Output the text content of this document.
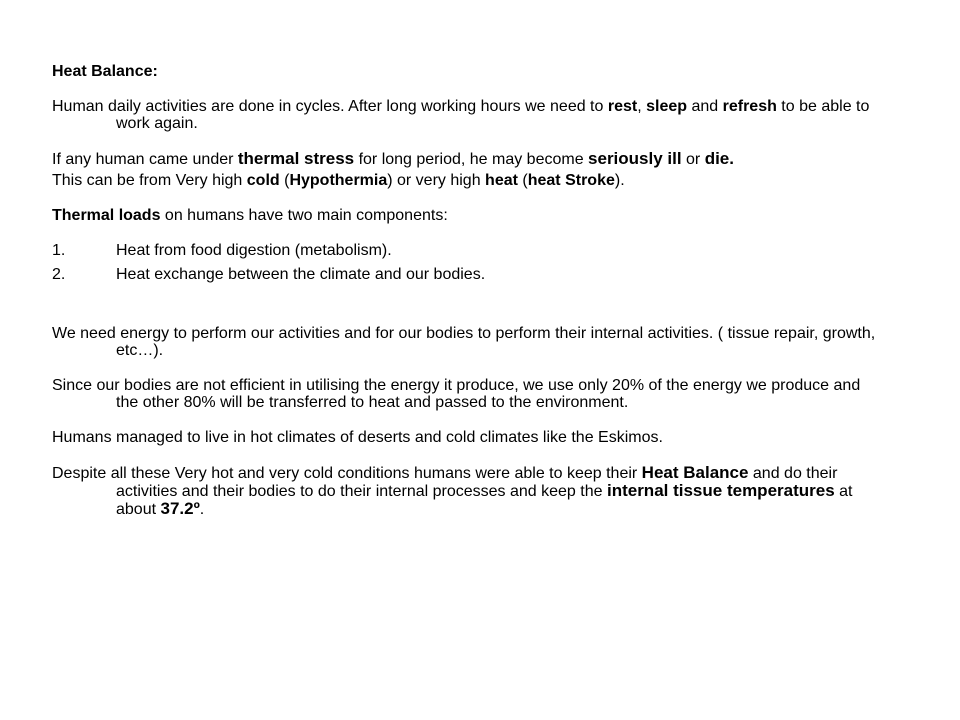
Heat Balance:

Human daily activities are done in cycles. After long working hours we need to rest, sleep and refresh to be able to work again.

If any human came under thermal stress for long period, he may become seriously ill or die.

This can be from Very high cold (Hypothermia) or very high heat (heat Stroke).

Thermal loads on humans have two main components:

1.	Heat from food digestion (metabolism).
2.	Heat exchange between the climate and our bodies.

We need energy to perform our activities and for our bodies to perform their internal activities. ( tissue repair, growth, etc…).

Since our bodies are not efficient in utilising the energy it produce, we use only 20% of the energy we produce and the other 80% will be transferred to heat and passed to the environment.

Humans managed to live in hot climates of deserts and cold climates like the Eskimos.

Despite all these Very hot and very cold conditions humans were able to keep their Heat Balance and do their activities and their bodies to do their internal processes and keep the internal tissue temperatures at about 37.2º.
